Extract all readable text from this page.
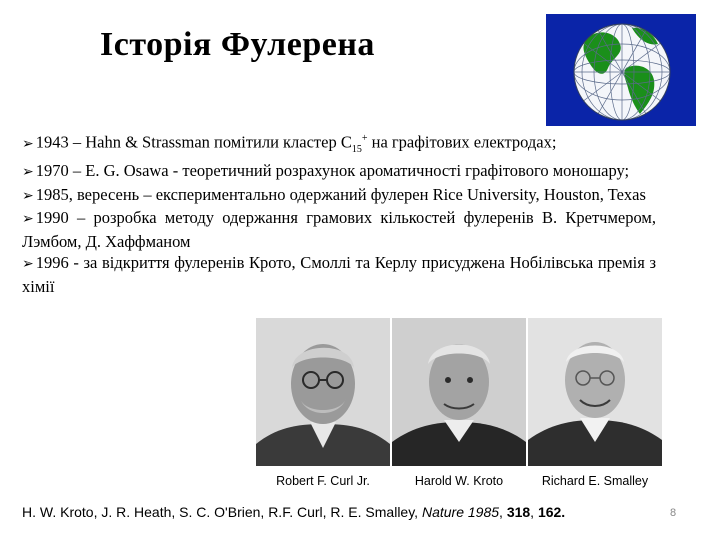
Історія Фулерена

➢ 1943 – Hahn & Strassman помітили кластер $C_{15}^+$ на графітових електродах;

➢ 1970 – E. G. Osawa - теоретичний розрахунок ароматичності графітового моношару;

➢ 1985, вересень – експериментально одержаний фулерен Rice University, Houston, Texas

➢ 1990 – розробка методу одержання грамових кількостей фулеренів В. Кретчмером, Лэмбом, Д. Хаффманом

➢ 1996 - за відкриття фулеренів Крото, Смоллі та Керлу присуджена Нобілівська премія з хімії

Robert F. Curl Jr.	Harold W. Kroto	Richard E. Smalley
H. W. Kroto, J. R. Heath, S. C. O'Brien, R.F. Curl, R. E. Smalley, Nature 1985, 318, 162.	8
